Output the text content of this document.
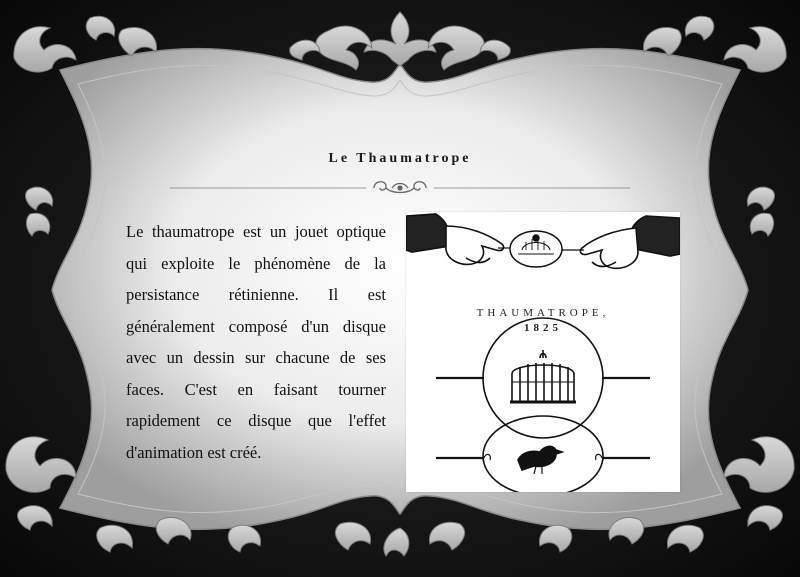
Le Thaumatrope
Le thaumatrope est un jouet optique qui exploite le phénomène de la persistance rétinienne. Il est généralement composé d'un disque avec un dessin sur chacune de ses faces. C'est en faisant tourner rapidement ce disque que l'effet d'animation est créé.
THAUMATROPE,
1825
